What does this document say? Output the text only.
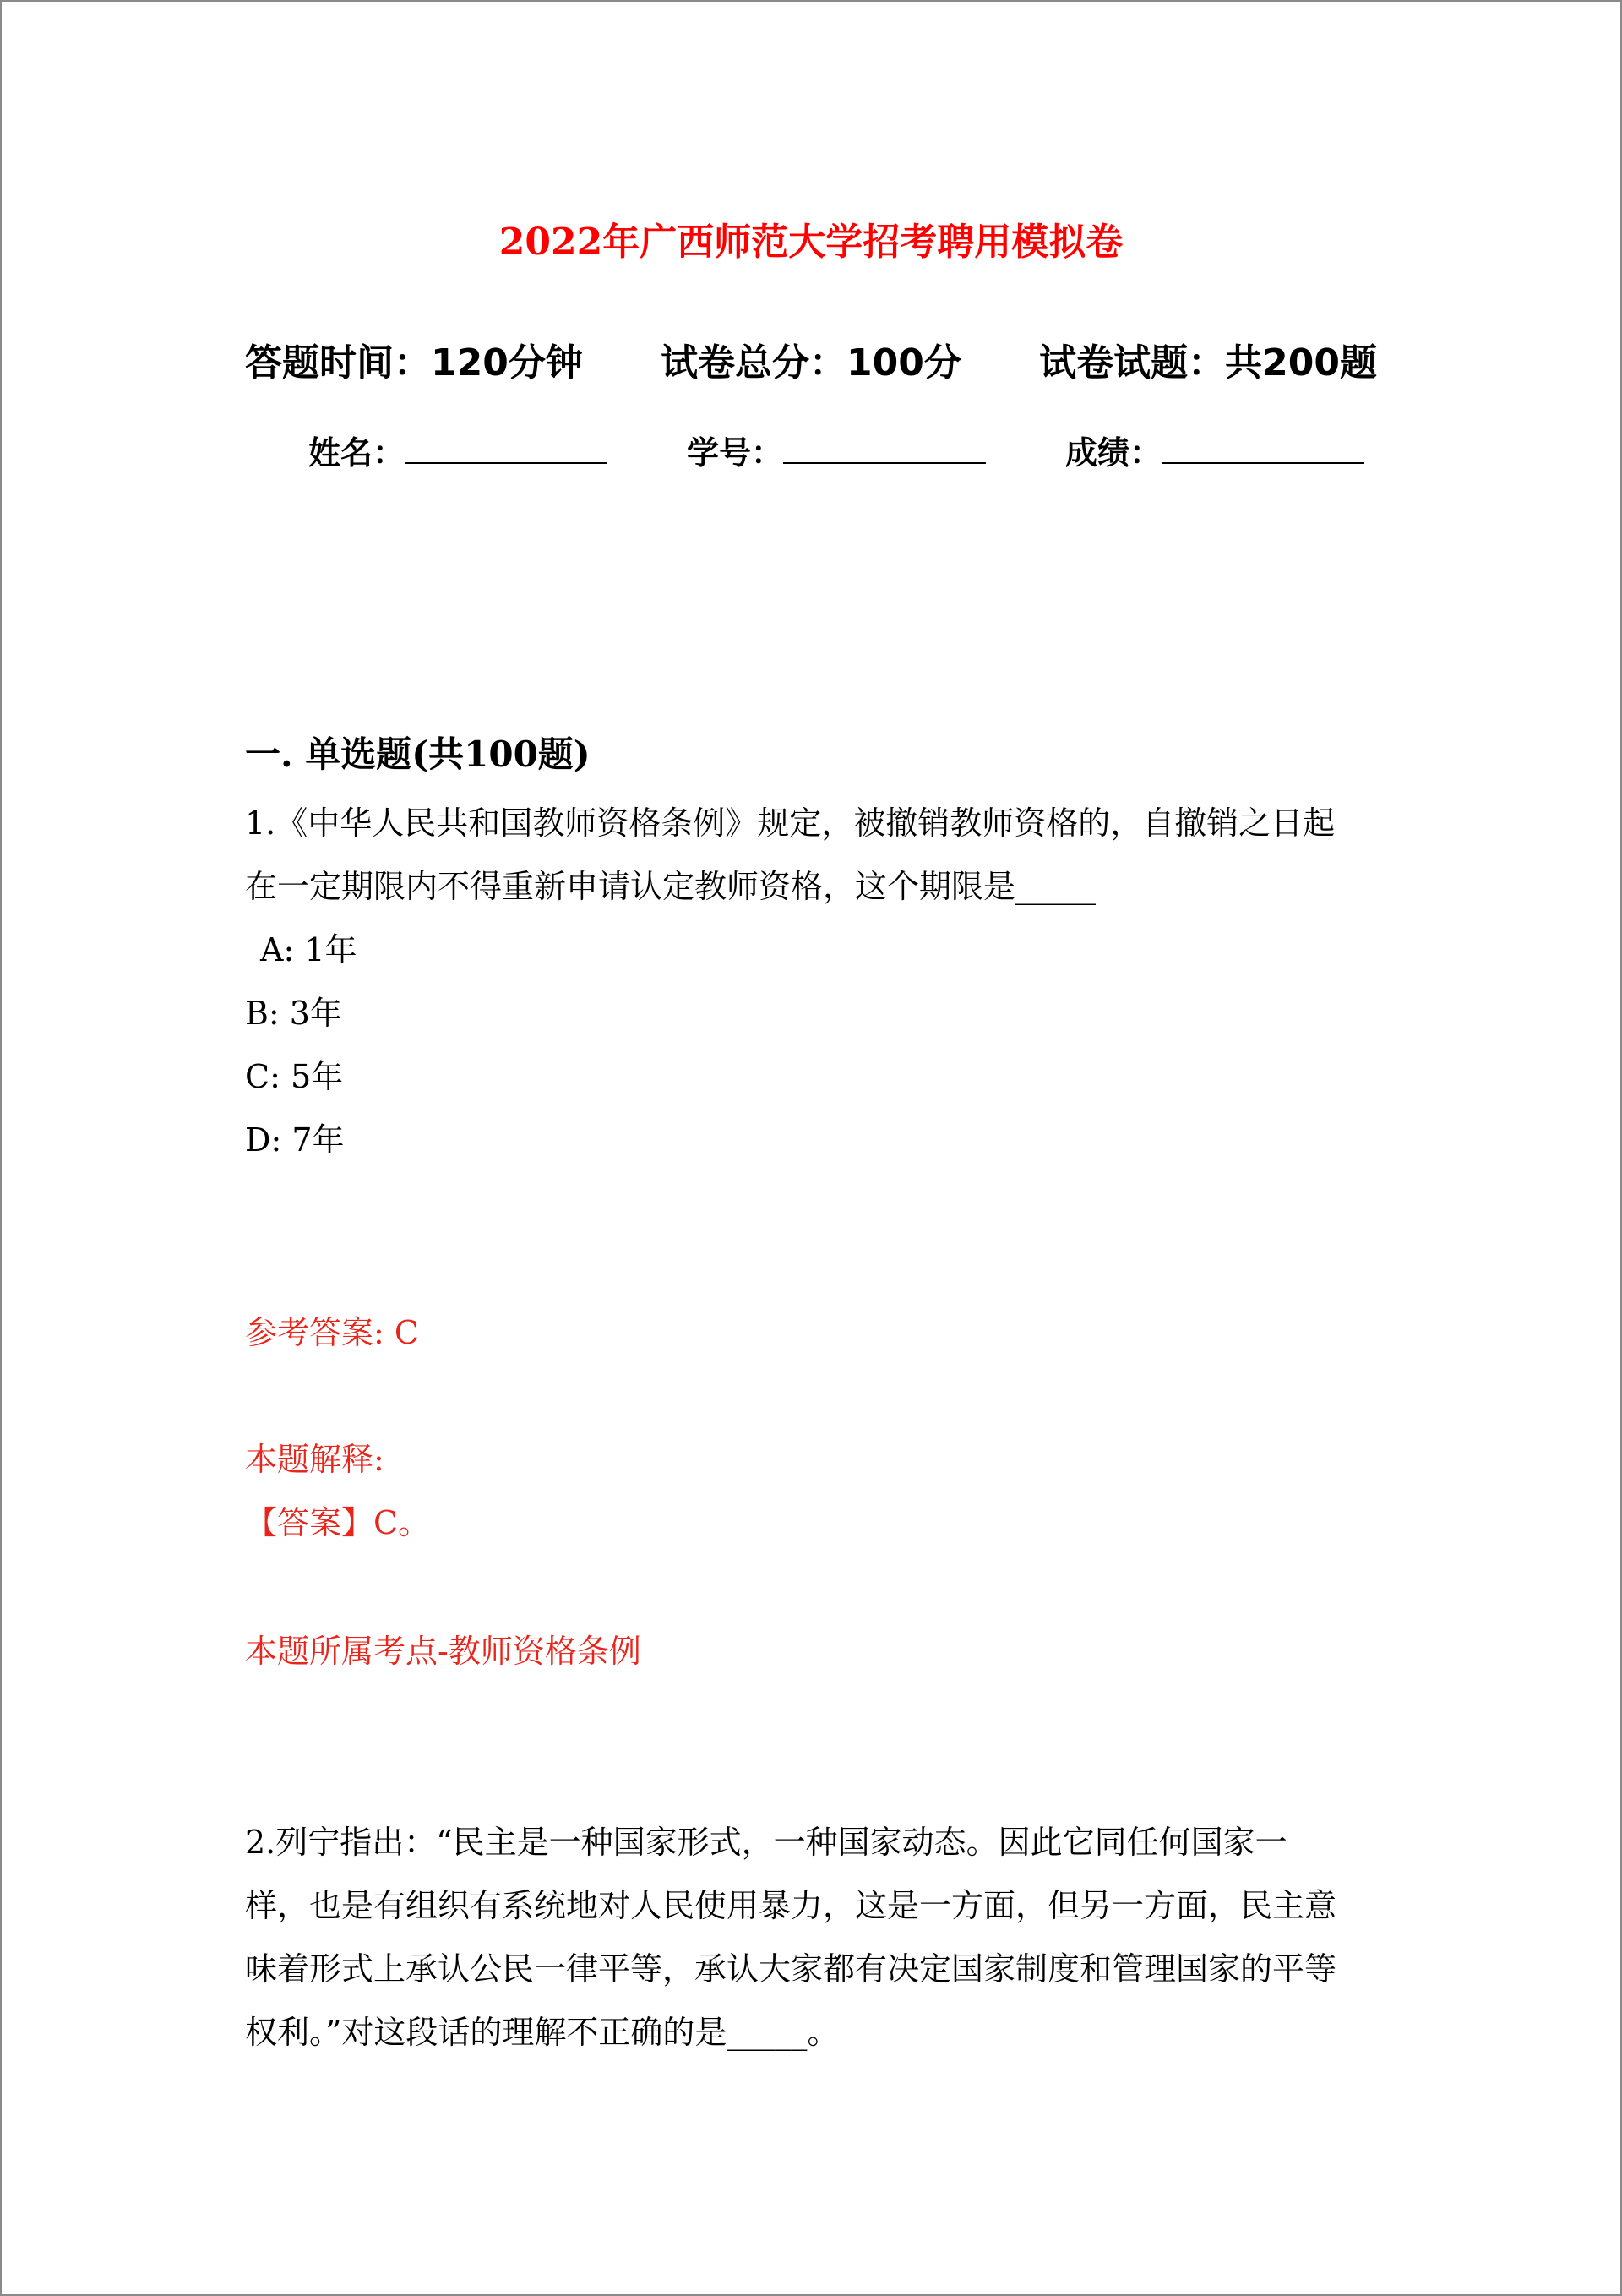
2022年广西师范大学招考聘用模拟卷
答题时间：120分钟 试卷总分：100分 试卷试题：共200题
姓名：	学号：	成绩：
一. 单选题(共100题)

1.《中华人民共和国教师资格条例》规定，被撤销教师资格的，自撤销之日起

在一定期限内不得重新申请认定教师资格，这个期限是_____

A: 1年

B: 3年

C: 5年

D: 7年

参考答案: C
本题解释:
【答案】C。
本题所属考点-教师资格条例

2.列宁指出：“民主是一种国家形式，一种国家动态。因此它同任何国家一

样，也是有组织有系统地对人民使用暴力，这是一方面，但另一方面，民主意

味着形式上承认公民一律平等，承认大家都有决定国家制度和管理国家的平等

权利。”对这段话的理解不正确的是_____。
